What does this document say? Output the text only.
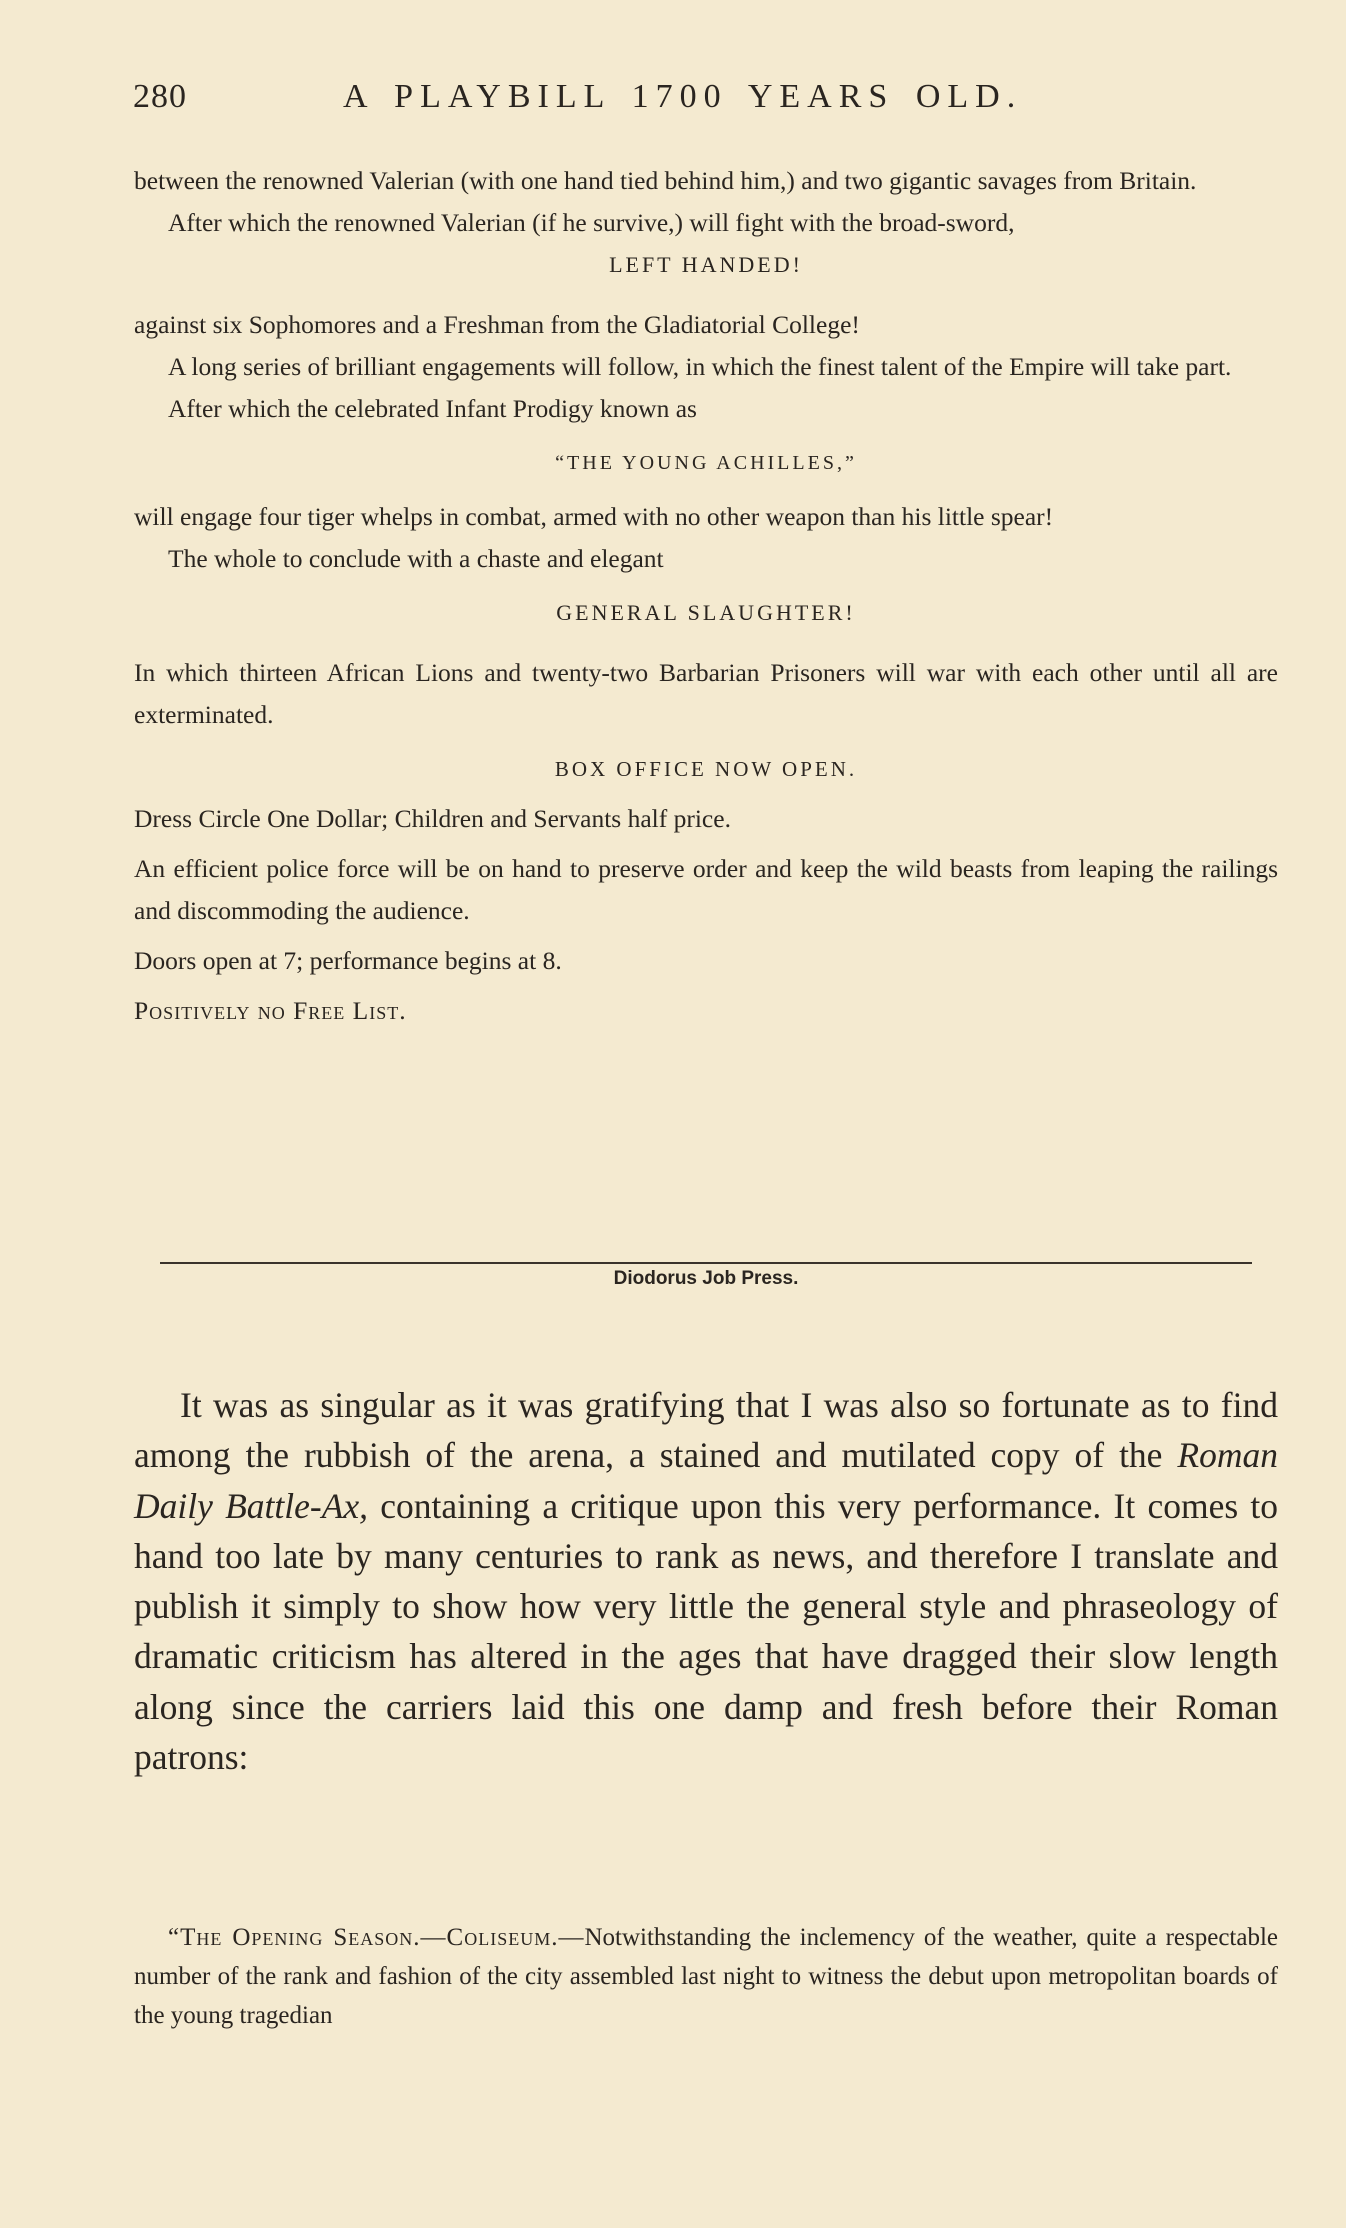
280	A PLAYBILL 1700 YEARS OLD.

between the renowned Valerian (with one hand tied behind him,) and two gigantic savages from Britain.

After which the renowned Valerian (if he survive,) will fight with the broad-sword,

LEFT HANDED!

against six Sophomores and a Freshman from the Gladiatorial College!

A long series of brilliant engagements will follow, in which the finest talent of the Empire will take part.

After which the celebrated Infant Prodigy known as

“THE YOUNG ACHILLES,”

will engage four tiger whelps in combat, armed with no other weapon than his little spear!

The whole to conclude with a chaste and elegant

GENERAL SLAUGHTER!

In which thirteen African Lions and twenty-two Barbarian Prisoners will war with each other until all are exterminated.

BOX OFFICE NOW OPEN.

Dress Circle One Dollar; Children and Servants half price.

An efficient police force will be on hand to preserve order and keep the wild beasts from leaping the railings and discommoding the audience.

Doors open at 7; performance begins at 8.

Positively no Free List.

Diodorus Job Press.

It was as singular as it was gratifying that I was also so fortunate as to find among the rubbish of the arena, a stained and mutilated copy of the Roman Daily Battle-Ax, containing a critique upon this very performance. It comes to hand too late by many centuries to rank as news, and therefore I translate and publish it simply to show how very little the general style and phraseology of dramatic criticism has altered in the ages that have dragged their slow length along since the carriers laid this one damp and fresh before their Roman patrons:

“The Opening Season.—Coliseum.—Notwithstanding the inclemency of the weather, quite a respectable number of the rank and fashion of the city assembled last night to witness the debut upon metropolitan boards of the young tragedian
